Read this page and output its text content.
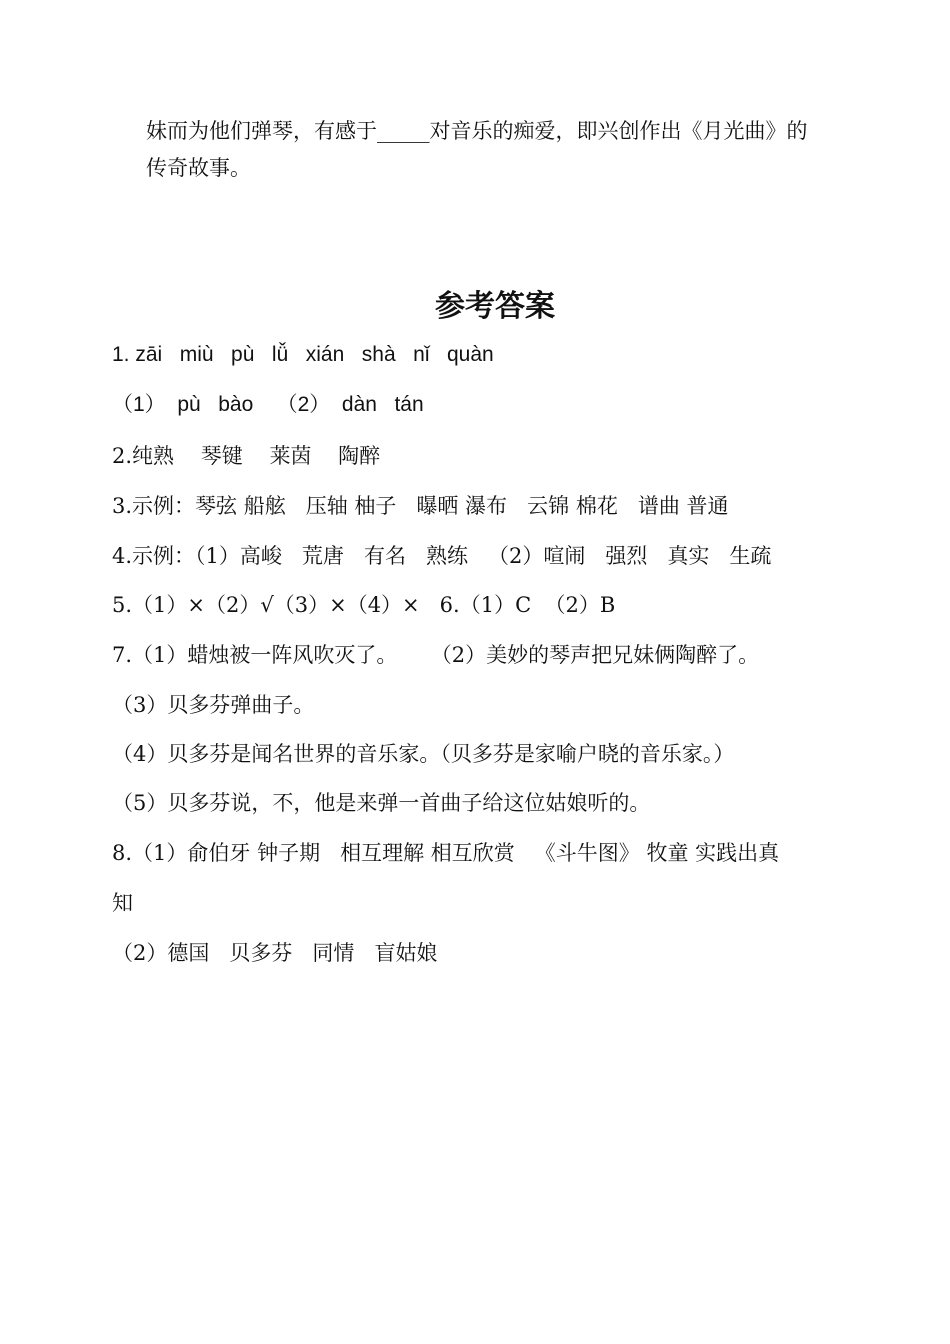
妹而为他们弹琴，有感于_____对音乐的痴爱，即兴创作出《月光曲》的
传奇故事。
参考答案
1. zāi   miù   pù   lǚ   xián   shà   nǐ   quàn
（1）  pù   bào    （2）  dàn   tán
2.纯熟    琴键    莱茵    陶醉
3.示例：琴弦 船舷   压轴 柚子   曝晒 瀑布   云锦 棉花   谱曲 普通
4.示例：（1）高峻   荒唐   有名   熟练   （2）喧闹   强烈   真实   生疏
5.（1）×（2）√（3）×（4）×   6.（1）C  （2）B
7.（1）蜡烛被一阵风吹灭了。     （2）美妙的琴声把兄妹俩陶醉了。
（3）贝多芬弹曲子。
（4）贝多芬是闻名世界的音乐家。（贝多芬是家喻户晓的音乐家。）
（5）贝多芬说，不，他是来弹一首曲子给这位姑娘听的。
8.（1）俞伯牙 钟子期   相互理解 相互欣赏   《斗牛图》 牧童 实践出真
知
（2）德国   贝多芬   同情   盲姑娘
